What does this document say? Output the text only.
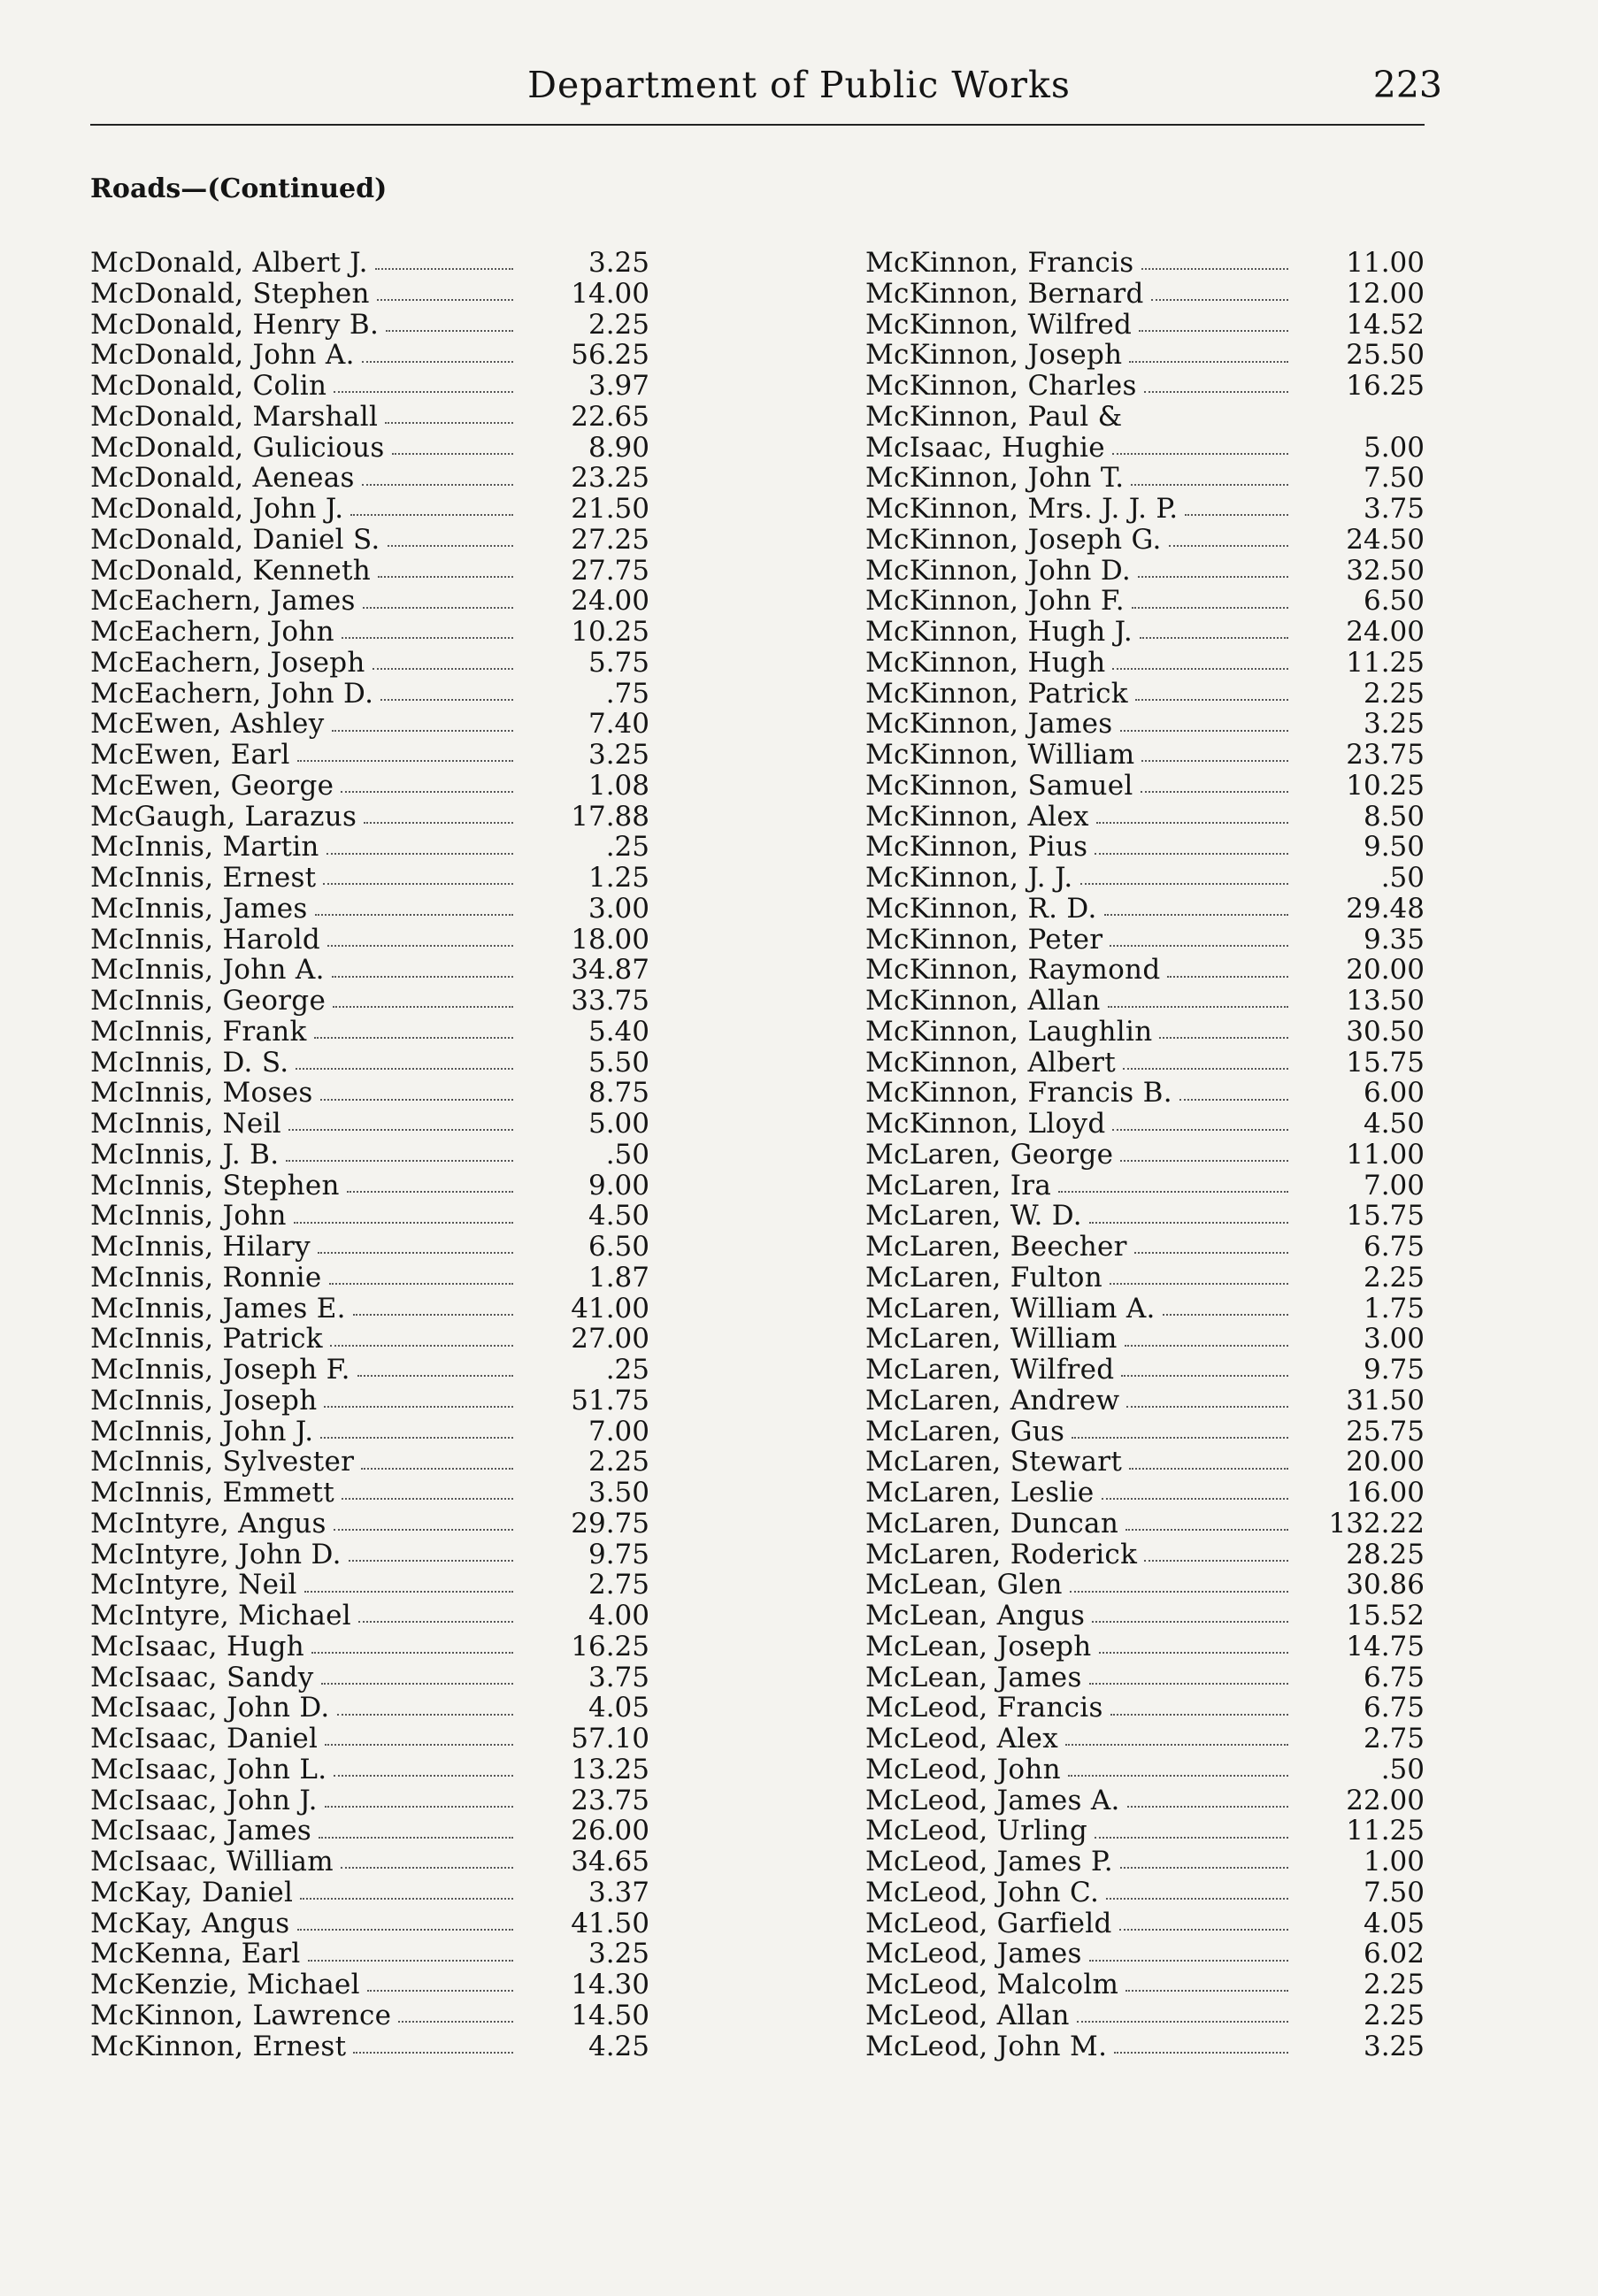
Department of Public Works	223
Roads—(Continued)
McDonald, Albert J.	3.25
McDonald, Stephen	14.00
McDonald, Henry B.	2.25
McDonald, John A.	56.25
McDonald, Colin	3.97
McDonald, Marshall	22.65
McDonald, Gulicious	8.90
McDonald, Aeneas	23.25
McDonald, John J.	21.50
McDonald, Daniel S.	27.25
McDonald, Kenneth	27.75
McEachern, James	24.00
McEachern, John	10.25
McEachern, Joseph	5.75
McEachern, John D.	.75
McEwen, Ashley	7.40
McEwen, Earl	3.25
McEwen, George	1.08
McGaugh, Larazus	17.88
McInnis, Martin	.25
McInnis, Ernest	1.25
McInnis, James	3.00
McInnis, Harold	18.00
McInnis, John A.	34.87
McInnis, George	33.75
McInnis, Frank	5.40
McInnis, D. S.	5.50
McInnis, Moses	8.75
McInnis, Neil	5.00
McInnis, J. B.	.50
McInnis, Stephen	9.00
McInnis, John	4.50
McInnis, Hilary	6.50
McInnis, Ronnie	1.87
McInnis, James E.	41.00
McInnis, Patrick	27.00
McInnis, Joseph F.	.25
McInnis, Joseph	51.75
McInnis, John J.	7.00
McInnis, Sylvester	2.25
McInnis, Emmett	3.50
McIntyre, Angus	29.75
McIntyre, John D.	9.75
McIntyre, Neil	2.75
McIntyre, Michael	4.00
McIsaac, Hugh	16.25
McIsaac, Sandy	3.75
McIsaac, John D.	4.05
McIsaac, Daniel	57.10
McIsaac, John L.	13.25
McIsaac, John J.	23.75
McIsaac, James	26.00
McIsaac, William	34.65
McKay, Daniel	3.37
McKay, Angus	41.50
McKenna, Earl	3.25
McKenzie, Michael	14.30
McKinnon, Lawrence	14.50
McKinnon, Ernest	4.25
McKinnon, Francis	11.00
McKinnon, Bernard	12.00
McKinnon, Wilfred	14.52
McKinnon, Joseph	25.50
McKinnon, Charles	16.25
McKinnon, Paul &
McIsaac, Hughie	5.00
McKinnon, John T.	7.50
McKinnon, Mrs. J. J. P.	3.75
McKinnon, Joseph G.	24.50
McKinnon, John D.	32.50
McKinnon, John F.	6.50
McKinnon, Hugh J.	24.00
McKinnon, Hugh	11.25
McKinnon, Patrick	2.25
McKinnon, James	3.25
McKinnon, William	23.75
McKinnon, Samuel	10.25
McKinnon, Alex	8.50
McKinnon, Pius	9.50
McKinnon, J. J.	.50
McKinnon, R. D.	29.48
McKinnon, Peter	9.35
McKinnon, Raymond	20.00
McKinnon, Allan	13.50
McKinnon, Laughlin	30.50
McKinnon, Albert	15.75
McKinnon, Francis B.	6.00
McKinnon, Lloyd	4.50
McLaren, George	11.00
McLaren, Ira	7.00
McLaren, W. D.	15.75
McLaren, Beecher	6.75
McLaren, Fulton	2.25
McLaren, William A.	1.75
McLaren, William	3.00
McLaren, Wilfred	9.75
McLaren, Andrew	31.50
McLaren, Gus	25.75
McLaren, Stewart	20.00
McLaren, Leslie	16.00
McLaren, Duncan	132.22
McLaren, Roderick	28.25
McLean, Glen	30.86
McLean, Angus	15.52
McLean, Joseph	14.75
McLean, James	6.75
McLeod, Francis	6.75
McLeod, Alex	2.75
McLeod, John	.50
McLeod, James A.	22.00
McLeod, Urling	11.25
McLeod, James P.	1.00
McLeod, John C.	7.50
McLeod, Garfield	4.05
McLeod, James	6.02
McLeod, Malcolm	2.25
McLeod, Allan	2.25
McLeod, John M.	3.25
